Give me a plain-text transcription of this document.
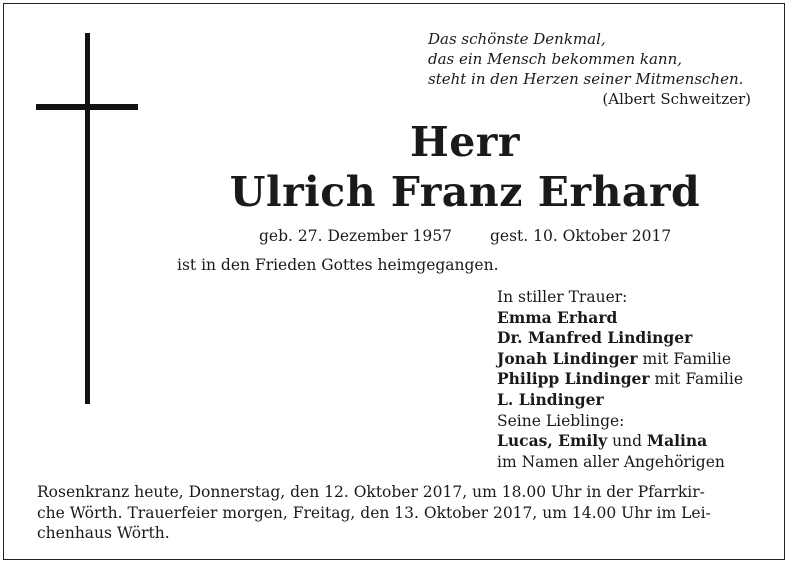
Das schönste Denkmal,
das ein Mensch bekommen kann,
steht in den Herzen seiner Mitmenschen.
(Albert Schweitzer)
Herr
Ulrich Franz Erhard
geb. 27. Dezember 1957 gest. 10. Oktober 2017
ist in den Frieden Gottes heimgegangen.
In stiller Trauer:
Emma Erhard
Dr. Manfred Lindinger
Jonah Lindinger mit Familie
Philipp Lindinger mit Familie
L. Lindinger
Seine Lieblinge:
Lucas, Emily und Malina
im Namen aller Angehörigen
Rosenkranz heute, Donnerstag, den 12. Oktober 2017, um 18.00 Uhr in der Pfarrkir-
che Wörth. Trauerfeier morgen, Freitag, den 13. Oktober 2017, um 14.00 Uhr im Lei-
chenhaus Wörth.
